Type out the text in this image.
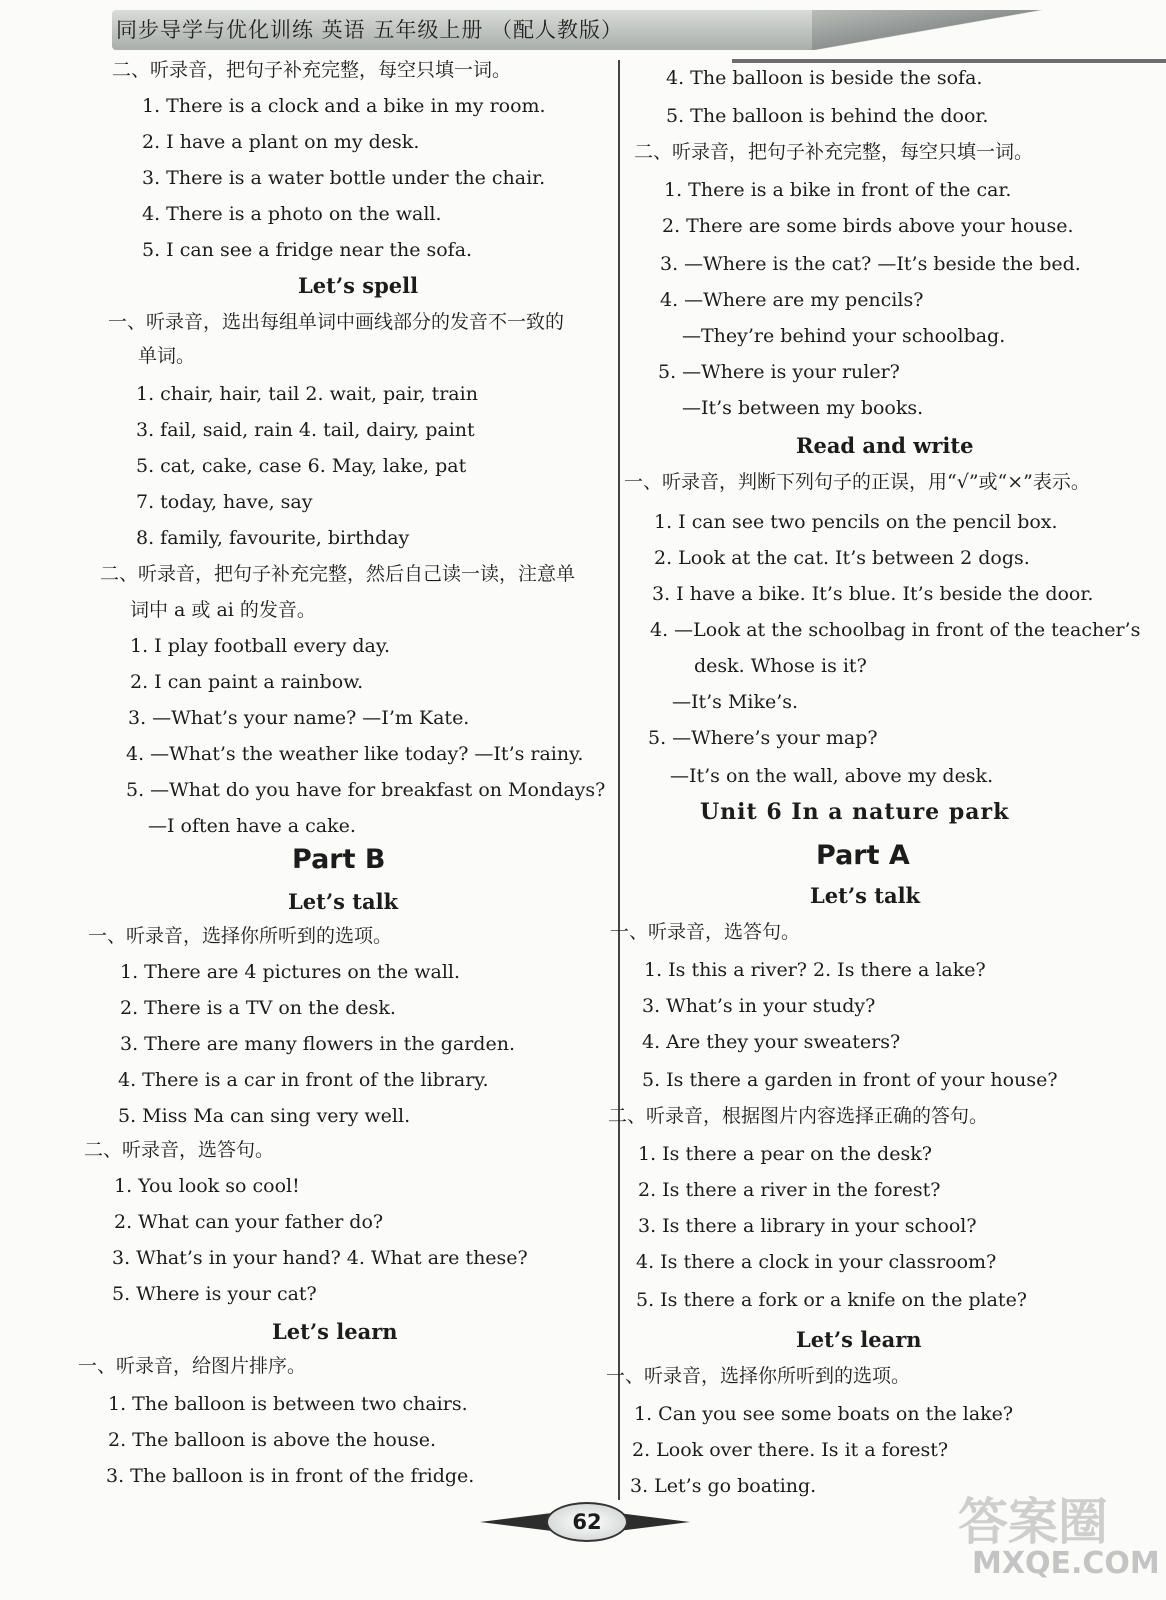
同步导学与优化训练 英语 五年级上册 （配人教版）
二、听录音，把句子补充完整，每空只填一词。
1. There is a clock and a bike in my room.
2. I have a plant on my desk.
3. There is a water bottle under the chair.
4. There is a photo on the wall.
5. I can see a fridge near the sofa.
Let’s spell
一、听录音，选出每组单词中画线部分的发音不一致的
单词。
1. chair, hair, tail 2. wait, pair, train
3. fail, said, rain 4. tail, dairy, paint
5. cat, cake, case 6. May, lake, pat
7. today, have, say
8. family, favourite, birthday
二、听录音，把句子补充完整，然后自己读一读，注意单
词中 a 或 ai 的发音。
1. I play football every day.
2. I can paint a rainbow.
3. —What’s your name? —I’m Kate.
4. —What’s the weather like today? —It’s rainy.
5. —What do you have for breakfast on Mondays?
—I often have a cake.
Part B
Let’s talk
一、听录音，选择你所听到的选项。
1. There are 4 pictures on the wall.
2. There is a TV on the desk.
3. There are many flowers in the garden.
4. There is a car in front of the library.
5. Miss Ma can sing very well.
二、听录音，选答句。
1. You look so cool!
2. What can your father do?
3. What’s in your hand? 4. What are these?
5. Where is your cat?
Let’s learn
一、听录音，给图片排序。
1. The balloon is between two chairs.
2. The balloon is above the house.
3. The balloon is in front of the fridge.
4. The balloon is beside the sofa.
5. The balloon is behind the door.
二、听录音，把句子补充完整，每空只填一词。
1. There is a bike in front of the car.
2. There are some birds above your house.
3. —Where is the cat? —It’s beside the bed.
4. —Where are my pencils?
—They’re behind your schoolbag.
5. —Where is your ruler?
—It’s between my books.
Read and write
一、听录音，判断下列句子的正误，用“√”或“×”表示。
1. I can see two pencils on the pencil box.
2. Look at the cat. It’s between 2 dogs.
3. I have a bike. It’s blue. It’s beside the door.
4. —Look at the schoolbag in front of the teacher’s
desk. Whose is it?
—It’s Mike’s.
5. —Where’s your map?
—It’s on the wall, above my desk.
Unit 6 In a nature park
Part A
Let’s talk
一、听录音，选答句。
1. Is this a river? 2. Is there a lake?
3. What’s in your study?
4. Are they your sweaters?
5. Is there a garden in front of your house?
二、听录音，根据图片内容选择正确的答句。
1. Is there a pear on the desk?
2. Is there a river in the forest?
3. Is there a library in your school?
4. Is there a clock in your classroom?
5. Is there a fork or a knife on the plate?
Let’s learn
一、听录音，选择你所听到的选项。
1. Can you see some boats on the lake?
2. Look over there. Is it a forest?
3. Let’s go boating.
62	答案圈
MXQE.COM
